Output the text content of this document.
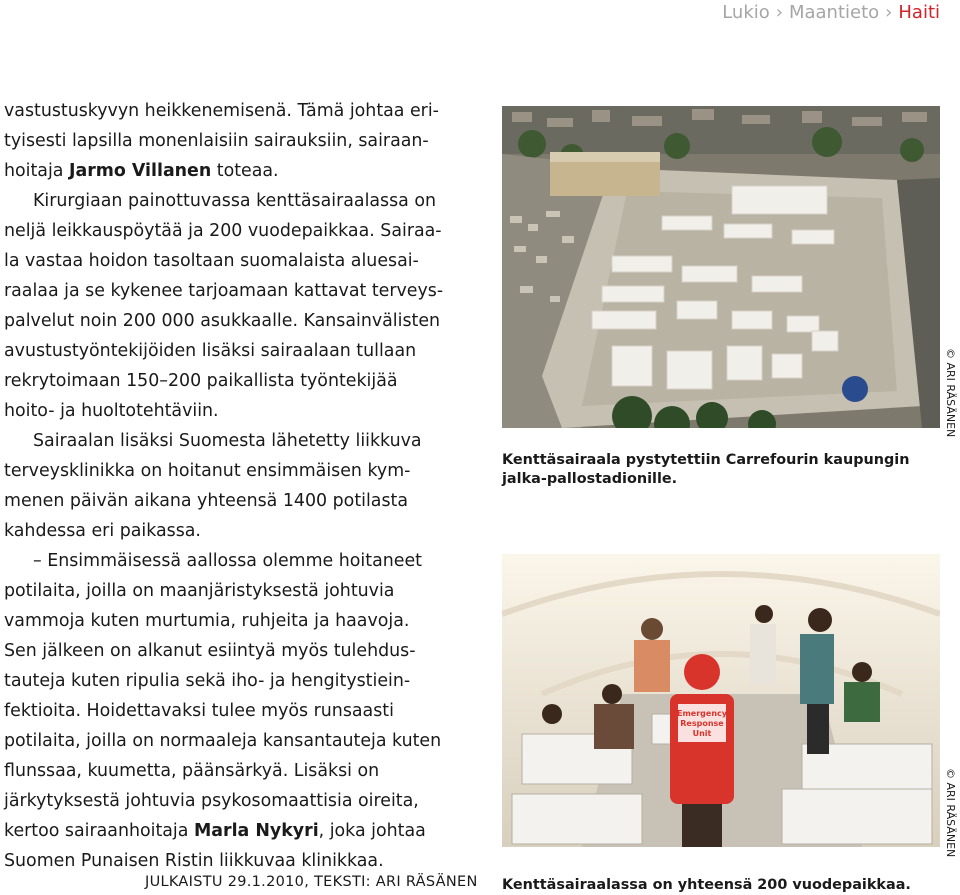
Lukio › Maantieto › Haiti

vastustuskyvyn heikkenemisenä. Tämä johtaa eri-tyisesti lapsilla monenlaisiin sairauksiin, sairaan-hoitaja Jarmo Villanen toteaa.

Kirurgiaan painottuvassa kenttäsairaalassa on neljä leikkauspöytää ja 200 vuodepaikkaa. Sairaa-la vastaa hoidon tasoltaan suomalaista aluesai-raalaa ja se kykenee tarjoamaan kattavat terveys-palvelut noin 200 000 asukkaalle. Kansainvälisten avustustyöntekijöiden lisäksi sairaalaan tullaan rekrytoimaan 150–200 paikallista työntekijää hoito- ja huoltotehtäviin.

Sairaalan lisäksi Suomesta lähetetty liikkuva terveysklinikka on hoitanut ensimmäisen kym-menen päivän aikana yhteensä 1400 potilasta kahdessa eri paikassa.

– Ensimmäisessä aallossa olemme hoitaneet potilaita, joilla on maanjäristyksestä johtuvia vammoja kuten murtumia, ruhjeita ja haavoja. Sen jälkeen on alkanut esiintyä myös tulehdus-tauteja kuten ripulia sekä iho- ja hengitystiein-fektioita. Hoidettavaksi tulee myös runsaasti potilaita, joilla on normaaleja kansantauteja kuten flunssaa, kuumetta, päänsärkyä. Lisäksi on järkytyksestä johtuvia psykosomaattisia oireita, kertoo sairaanhoitaja Marla Nykyri, joka johtaa Suomen Punaisen Ristin liikkuvaa klinikkaa.

JULKAISTU 29.1.2010, TEKSTI: ARI RÄSÄNEN
© ARI RÄSÄNEN
Kenttäsairaala pystytettiin Carrefourin kaupungin jalka-pallostadionille.
Emergency
Response
Unit
© ARI RÄSÄNEN
Kenttäsairaalassa on yhteensä 200 vuodepaikkaa.
